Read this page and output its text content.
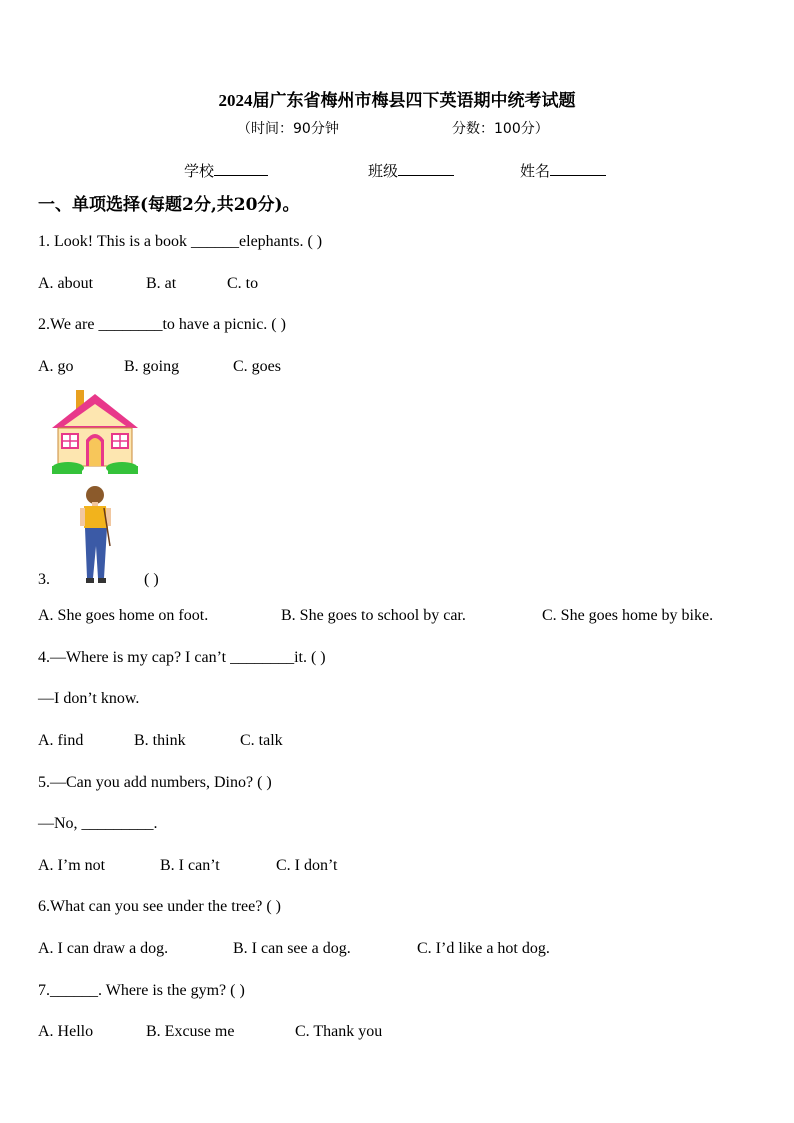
2024届广东省梅州市梅县四下英语期中统考试题
（时间：90分钟	分数：100分）
学校	班级	姓名
一、单项选择(每题2分,共20分)。
1. Look! This is a book ______elephants. ( )
A. about	B. at	C. to
2.We are ________to have a picnic. ( )
A. go	B. going	C. goes
3.	( )
A. She goes home on foot.	B. She goes to school by car.	C. She goes home by bike.
4.—Where is my cap? I can’t ________it. ( )
—I don’t know.
A. find	B. think	C. talk
5.—Can you add numbers, Dino? ( )
—No, _________.
A. I’m not	B. I can’t	C. I don’t
6.What can you see under the tree? ( )
A. I can draw a dog.	B. I can see a dog.	C. I’d like a hot dog.
7.______. Where is the gym? ( )
A. Hello	B. Excuse me	C. Thank you
